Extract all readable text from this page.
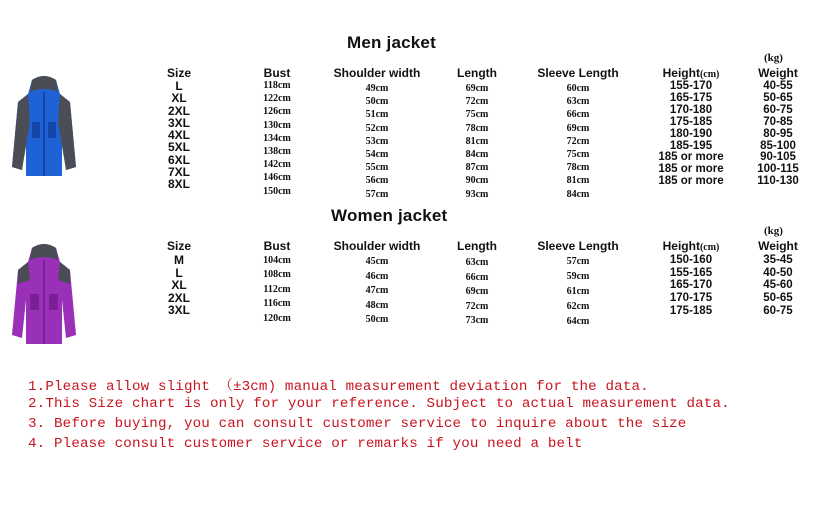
Men jacket
(kg)
Size
L
XL
2XL
3XL
4XL
5XL
6XL
7XL
8XL
Bust
118cm
122cm
126cm
130cm
134cm
138cm
142cm
146cm
150cm
Shoulder width
49cm
50cm
51cm
52cm
53cm
54cm
55cm
56cm
57cm
Length
69cm
72cm
75cm
78cm
81cm
84cm
87cm
90cm
93cm
Sleeve Length
60cm
63cm
66cm
69cm
72cm
75cm
78cm
81cm
84cm
Height(cm)
155-170
165-175
170-180
175-185
180-190
185-195
185 or more
185 or more
185 or more
Weight
40-55
50-65
60-75
70-85
80-95
85-100
90-105
100-115
110-130
Women jacket
(kg)
Size
M
L
XL
2XL
3XL
Bust
104cm
108cm
112cm
116cm
120cm
Shoulder width
45cm
46cm
47cm
48cm
50cm
Length
63cm
66cm
69cm
72cm
73cm
Sleeve Length
57cm
59cm
61cm
62cm
64cm
Height(cm)
150-160
155-165
165-170
170-175
175-185
Weight
35-45
40-50
45-60
50-65
60-75
1.Please allow slight （±3cm) manual measurement deviation for the data.
2.This Size chart is only for your reference. Subject to actual measurement data.
3. Before buying, you can consult customer service to inquire about the size
4. Please consult customer service or remarks if you need a belt
